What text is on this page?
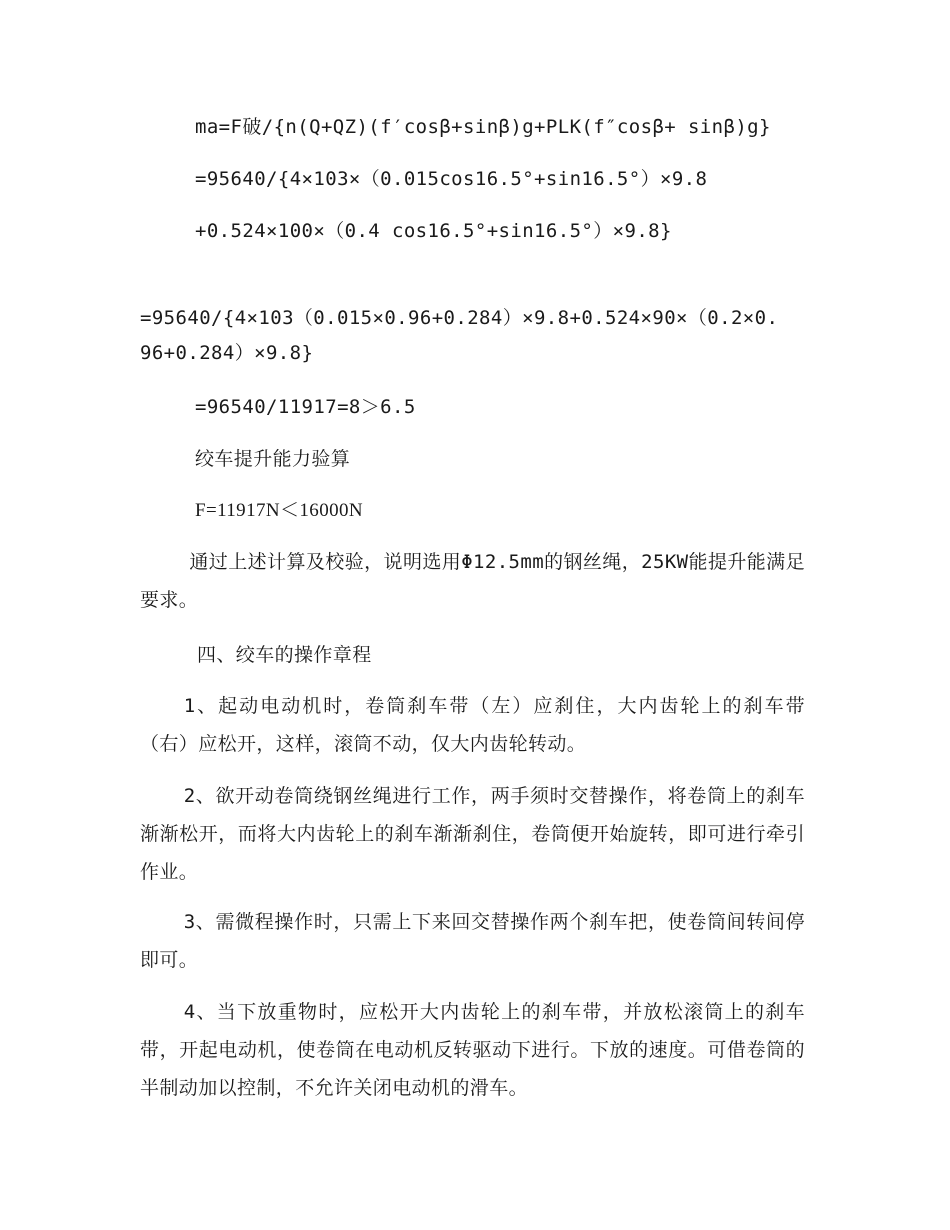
ma=F破/{n(Q+QZ)(f′cosβ+sinβ)g+PLK(f″cosβ+ sinβ)g}
=95640/{4×103×（0.015cos16.5°+sin16.5°）×9.8
+0.524×100×（0.4 cos16.5°+sin16.5°）×9.8}
=95640/{4×103（0.015×0.96+0.284）×9.8+0.524×90×（0.2×0.
96+0.284）×9.8}
=96540/11917=8＞6.5
绞车提升能力验算
F=11917N＜16000N
通过上述计算及校验，说明选用Φ12.5mm的钢丝绳，25KW能提升能满足要求。
四、绞车的操作章程
1、起动电动机时，卷筒刹车带（左）应刹住，大内齿轮上的刹车带（右）应松开，这样，滚筒不动，仅大内齿轮转动。
2、欲开动卷筒绕钢丝绳进行工作，两手须时交替操作，将卷筒上的刹车渐渐松开，而将大内齿轮上的刹车渐渐刹住，卷筒便开始旋转，即可进行牵引作业。
3、需微程操作时，只需上下来回交替操作两个刹车把，使卷筒间转间停即可。
4、当下放重物时，应松开大内齿轮上的刹车带，并放松滚筒上的刹车带，开起电动机，使卷筒在电动机反转驱动下进行。下放的速度。可借卷筒的半制动加以控制，不允许关闭电动机的滑车。
